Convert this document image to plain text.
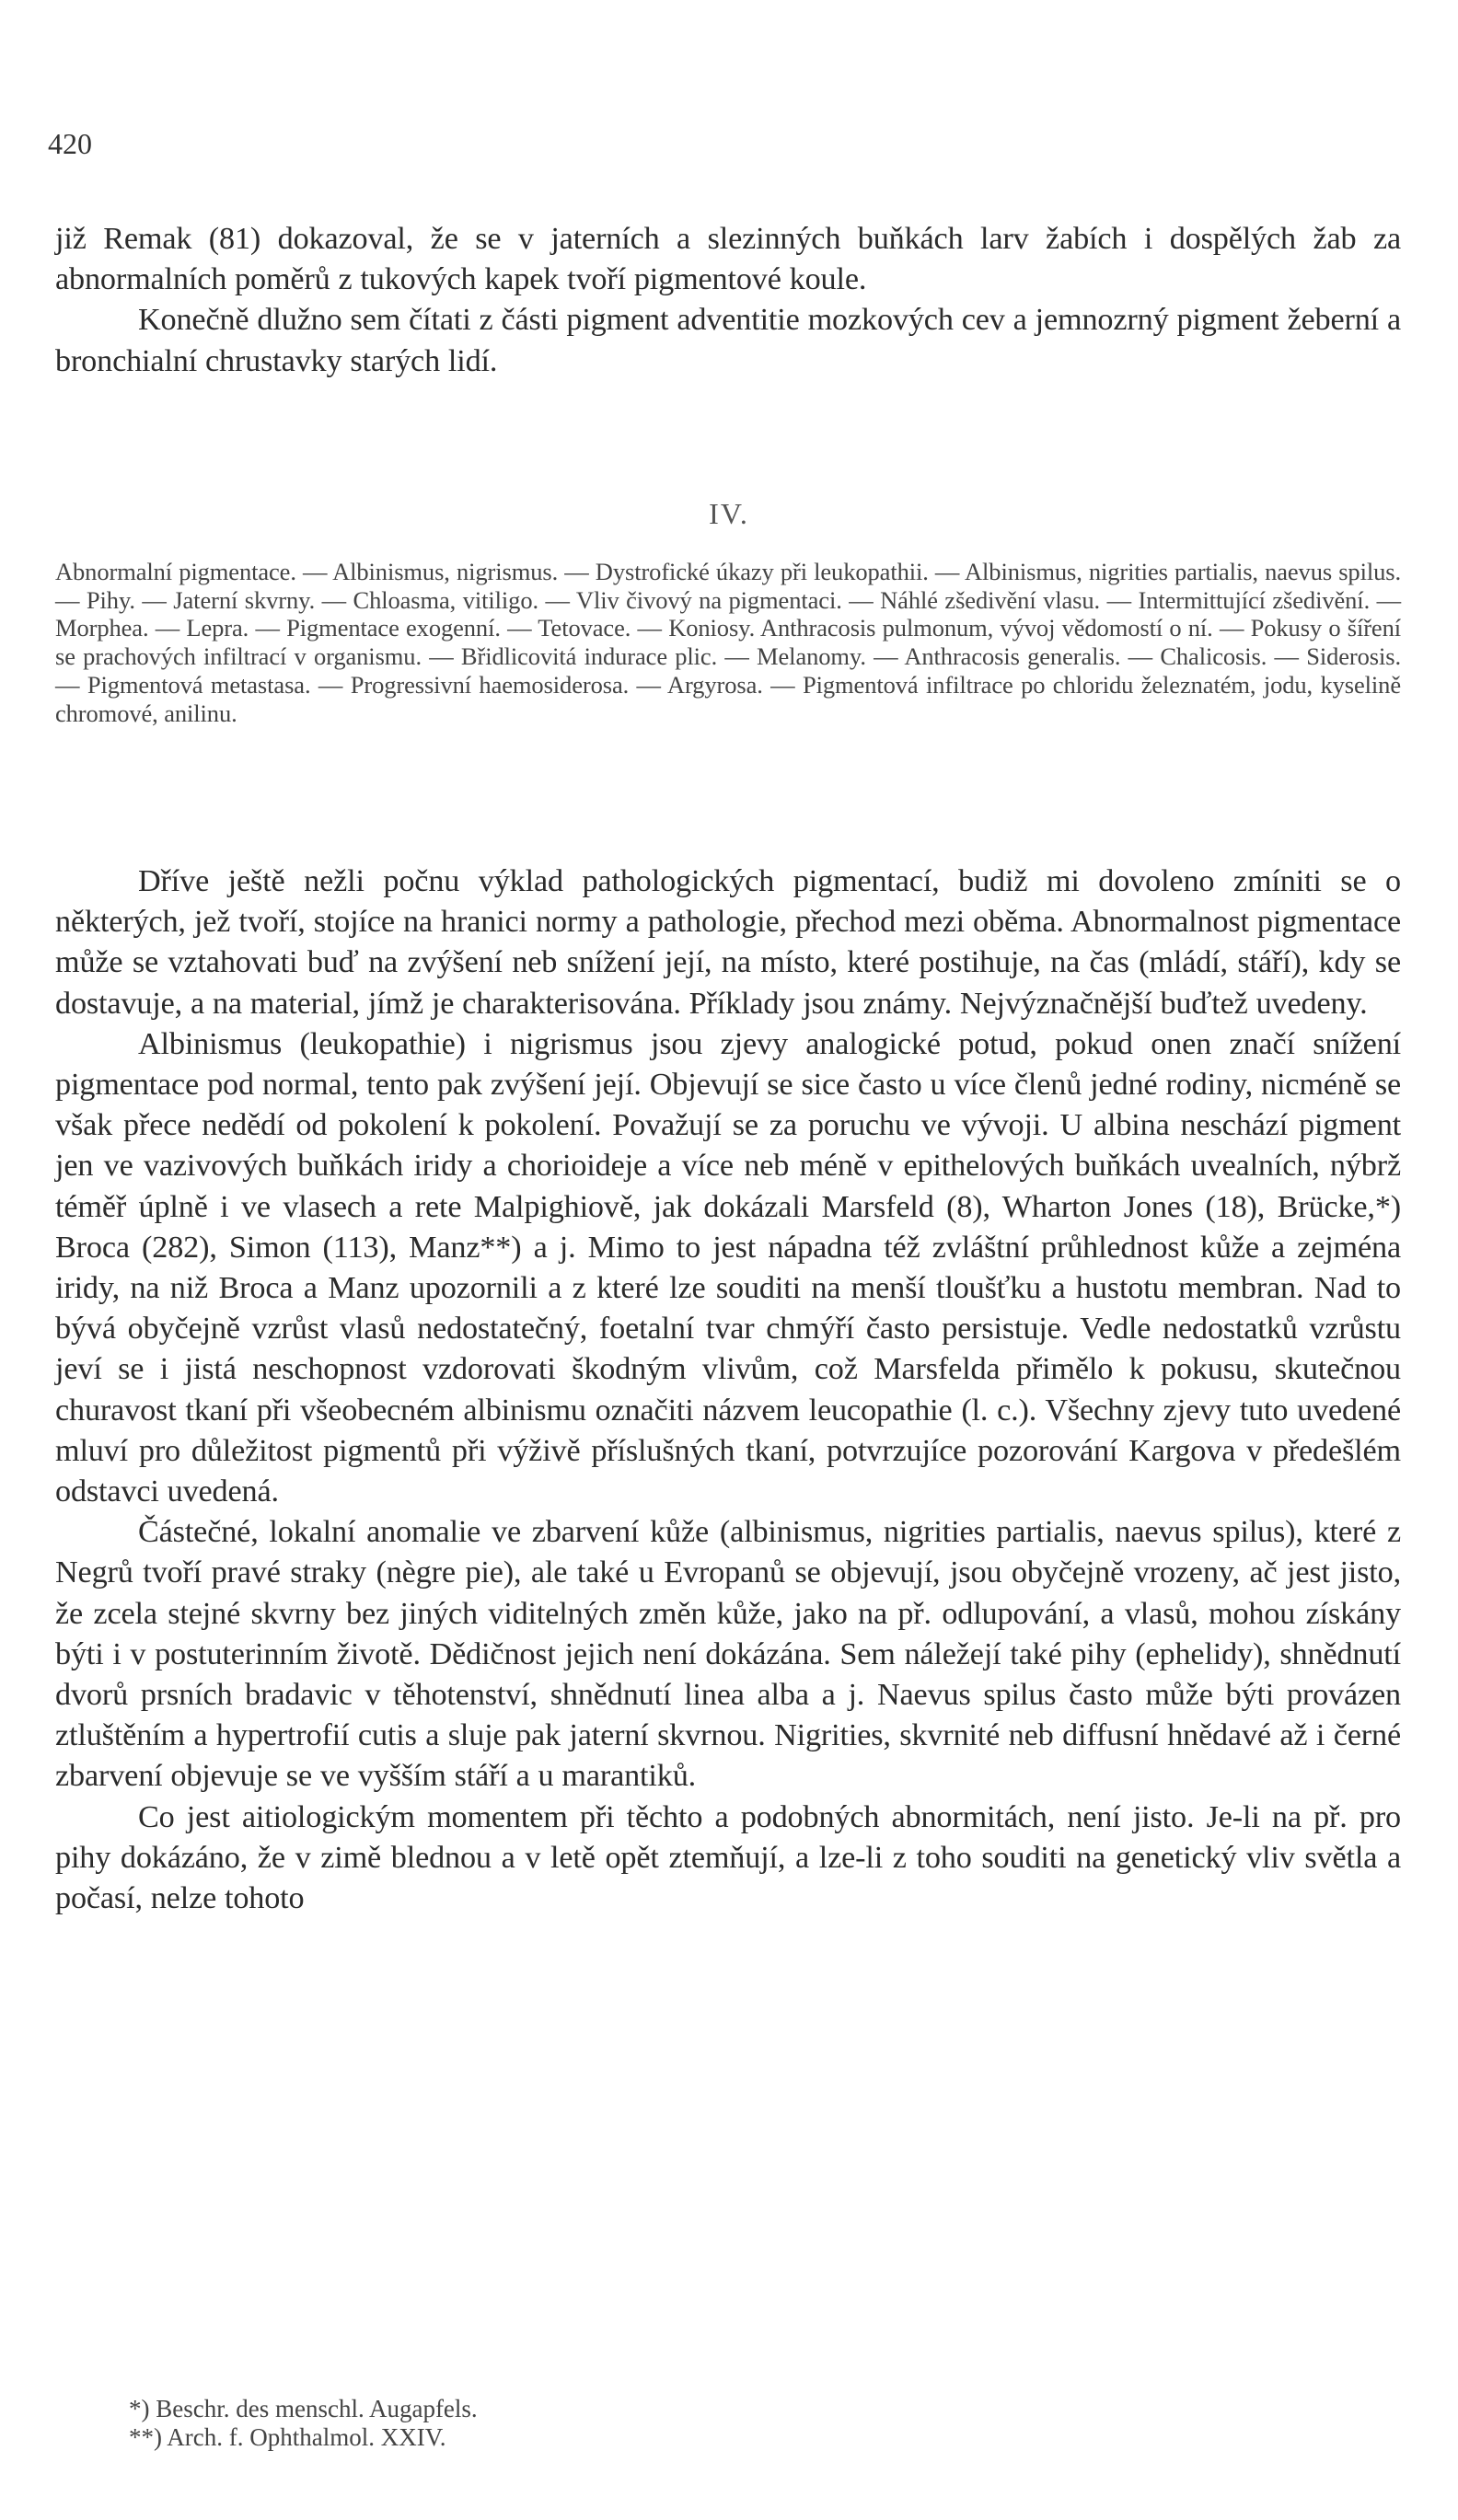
420

již Remak (81) dokazoval, že se v jaterních a slezinných buňkách larv žabích i dospělých žab za abnormalních poměrů z tukových kapek tvoří pigmentové koule.

Konečně dlužno sem čítati z části pigment adventitie mozkových cev a jemnozrný pigment žeberní a bronchialní chrustavky starých lidí.

IV.

Abnormalní pigmentace. — Albinismus, nigrismus. — Dystrofické úkazy při leukopathii. — Albinismus, nigrities partialis, naevus spilus. — Pihy. — Jaterní skvrny. — Chloasma, vitiligo. — Vliv čivový na pigmentaci. — Náhlé zšedivění vlasu. — Intermittující zšedivění. — Morphea. — Lepra. — Pigmentace exogenní. — Tetovace. — Koniosy. Anthracosis pulmonum, vývoj vědomostí o ní. — Pokusy o šíření se prachových infiltrací v organismu. — Břidlicovitá indurace plic. — Melanomy. — Anthracosis generalis. — Chalicosis. — Siderosis. — Pigmentová metastasa. — Progressivní haemosiderosa. — Argyrosa. — Pigmentová infiltrace po chloridu železnatém, jodu, kyselině chromové, anilinu.

Dříve ještě nežli počnu výklad pathologických pigmentací, budiž mi dovoleno zmíniti se o některých, jež tvoří, stojíce na hranici normy a pathologie, přechod mezi oběma. Abnormalnost pigmentace může se vztahovati buď na zvýšení neb snížení její, na místo, které postihuje, na čas (mládí, stáří), kdy se dostavuje, a na material, jímž je charakterisována. Příklady jsou známy. Nejvýznačnější buďtež uvedeny.

Albinismus (leukopathie) i nigrismus jsou zjevy analogické potud, pokud onen značí snížení pigmentace pod normal, tento pak zvýšení její. Objevují se sice často u více členů jedné rodiny, nicméně se však přece nedědí od pokolení k pokolení. Považují se za poruchu ve vývoji. U albina neschází pigment jen ve vazivových buňkách iridy a chorioideje a více neb méně v epithelových buňkách uvealních, nýbrž téměř úplně i ve vlasech a rete Malpighiově, jak dokázali Marsfeld (8), Wharton Jones (18), Brücke,*) Broca (282), Simon (113), Manz**) a j. Mimo to jest nápadna též zvláštní průhlednost kůže a zejména iridy, na niž Broca a Manz upozornili a z které lze souditi na menší tloušťku a hustotu membran. Nad to bývá obyčejně vzrůst vlasů nedostatečný, foetalní tvar chmýří často persistuje. Vedle nedostatků vzrůstu jeví se i jistá neschopnost vzdorovati škodným vlivům, což Marsfelda přimělo k pokusu, skutečnou churavost tkaní při všeobecném albinismu označiti názvem leucopathie (l. c.). Všechny zjevy tuto uvedené mluví pro důležitost pigmentů při výživě příslušných tkaní, potvrzujíce pozorování Kargova v předešlém odstavci uvedená.

Částečné, lokalní anomalie ve zbarvení kůže (albinismus, nigrities partialis, naevus spilus), které z Negrů tvoří pravé straky (nègre pie), ale také u Evropanů se objevují, jsou obyčejně vrozeny, ač jest jisto, že zcela stejné skvrny bez jiných viditelných změn kůže, jako na př. odlupování, a vlasů, mohou získány býti i v postuterinním životě. Dědičnost jejich není dokázána. Sem náležejí také pihy (ephelidy), shnědnutí dvorů prsních bradavic v těhotenství, shnědnutí linea alba a j. Naevus spilus často může býti provázen ztluštěním a hypertrofií cutis a sluje pak jaterní skvrnou. Nigrities, skvrnité neb diffusní hnědavé až i černé zbarvení objevuje se ve vyšším stáří a u marantiků.

Co jest aitiologickým momentem při těchto a podobných abnormitách, není jisto. Je-li na př. pro pihy dokázáno, že v zimě blednou a v letě opět ztemňují, a lze-li z toho souditi na genetický vliv světla a počasí, nelze tohoto

*) Beschr. des menschl. Augapfels.

**) Arch. f. Ophthalmol. XXIV.
